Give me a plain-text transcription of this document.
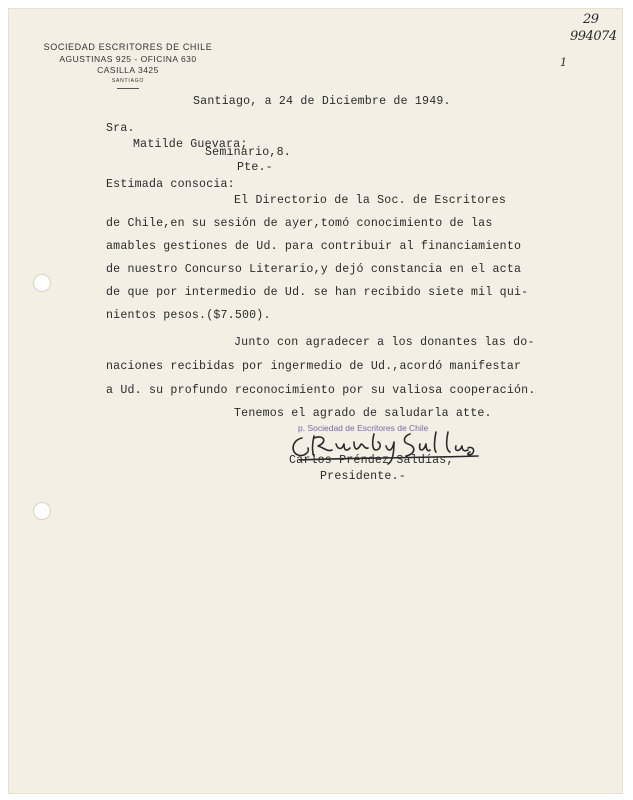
29
994074
1
SOCIEDAD ESCRITORES DE CHILE
AGUSTINAS 925 - OFICINA 630
CASILLA 3425
SANTIAGO
Santiago, a 24 de Diciembre de 1949.
Sra.
Matilde Guevara;
Seminario,8.
Pte.-
Estimada consocia:
El Directorio de la Soc. de Escritores
de Chile,en su sesión de ayer,tomó conocimiento de las
amables gestiones de Ud. para contribuir al financiamiento
de nuestro Concurso Literario,y dejó constancia en el acta
de que por intermedio de Ud. se han recibido siete mil qui-
nientos pesos.($7.500).
Junto con agradecer a los donantes las do-
naciones recibidas por ingermedio de Ud.,acordó manifestar
a Ud. su profundo reconocimiento por su valiosa cooperación.
Tenemos el agrado de saludarla atte.
p. Sociedad de Escritores de Chile
Carlos Préndez Saldías,
Presidente.-
